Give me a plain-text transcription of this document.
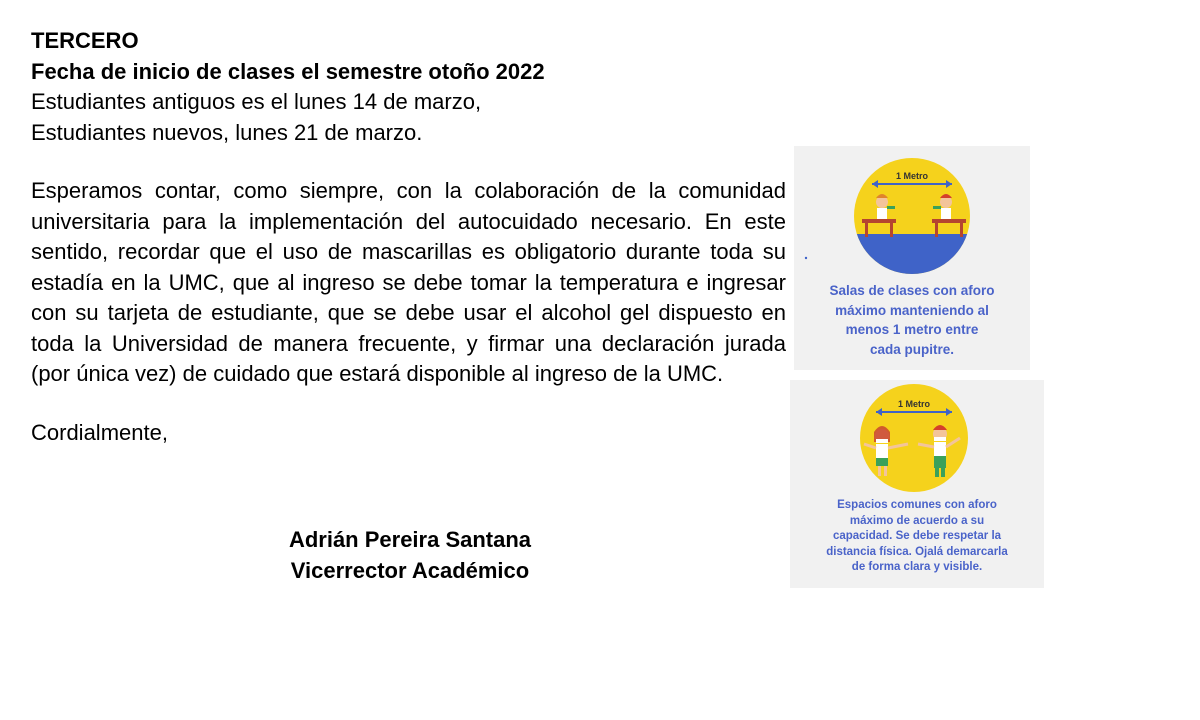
TERCERO
Fecha de inicio de clases el semestre otoño 2022
Estudiantes antiguos es el lunes 14 de marzo,
Estudiantes nuevos, lunes 21 de marzo.
Esperamos contar, como siempre, con la colaboración de la comunidad universitaria para la implementación del autocuidado necesario. En este sentido, recordar que el uso de mascarillas es obligatorio durante toda su estadía en la UMC, que al ingreso se debe tomar la temperatura e ingresar con su tarjeta de estudiante, que se debe usar el alcohol gel dispuesto en toda la Universidad de manera frecuente, y firmar una declaración jurada (por única vez) de cuidado que estará disponible al ingreso de la UMC.
Cordialmente,
Adrián Pereira Santana
Vicerrector Académico
1 Metro
Salas de clases con aforo
máximo manteniendo al
menos 1 metro entre
cada pupitre.
1 Metro
Espacios comunes con aforo
máximo de acuerdo a su
capacidad. Se debe respetar la
distancia física. Ojalá demarcarla
de forma clara y visible.
